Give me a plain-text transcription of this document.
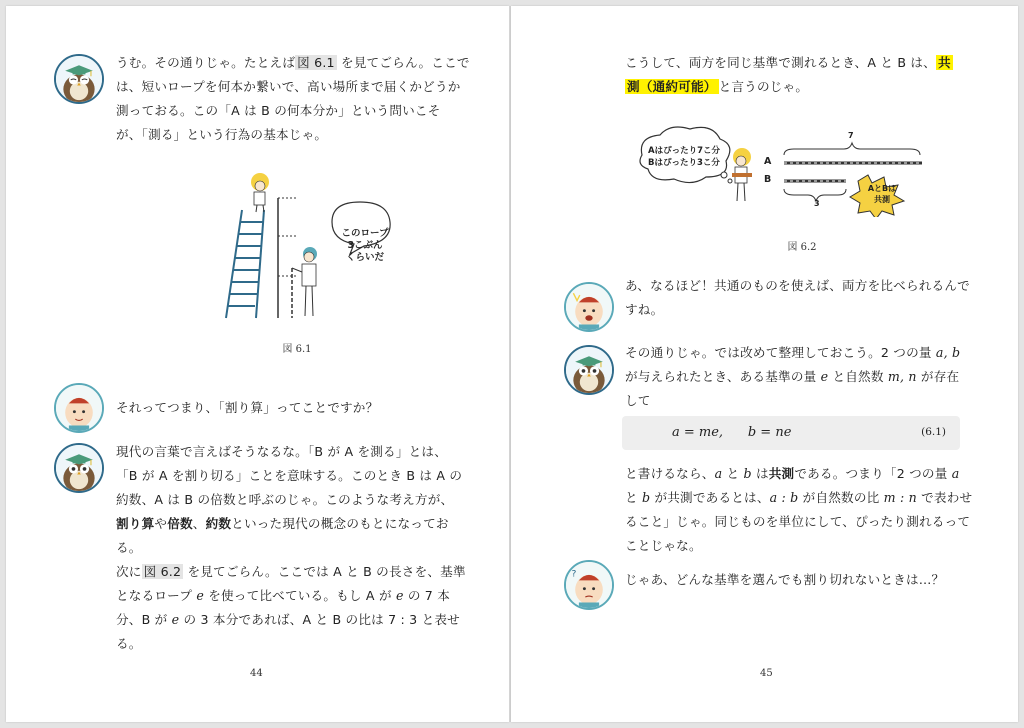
うむ。その通りじゃ。たとえば 図 6.1 を見てごらん。ここで
は、短いロープを何本か繋いで、高い場所まで届くかどうか
測っておる。この「A は B の何本分か」という問いこそ
が、「測る」という行為の基本じゃ。
このロープ
3こぶん
くらいだ
図 6.1
それってつまり、「割り算」ってことですか？
現代の言葉で言えばそうなるな。「B が A を測る」とは、
「B が A を割り切る」ことを意味する。このとき B は A の
約数、A は B の倍数と呼ぶのじゃ。このような考え方が、
割り算や倍数、約数といった現代の概念のもとになってお
る。
次に 図 6.2 を見てごらん。ここでは A と B の長さを、基準
となるロープ e を使って比べている。もし A が e の 7 本
分、B が e の 3 本分であれば、A と B の比は 7 : 3 と表せ
る。
44
こうして、両方を同じ基準で測れるとき、A と B は、 共
測（通約可能） と言うのじゃ。
Aはぴったり7こ分
Bはぴったり3こ分	A
B
7
3
AとBは
共測
図 6.2
あ、なるほど！共通のものを使えば、両方を比べられるんで
すね。
その通りじゃ。では改めて整理しておこう。2 つの量 a, b
が与えられたとき、ある基準の量 e と自然数 m, n が存在
して
a = me,      b = ne	(6.1)
と書けるなら、a と b は共測である。つまり「2 つの量 a
と b が共測であるとは、a : b が自然数の比 m : n で表わせ
ること」じゃ。同じものを単位にして、ぴったり測れるって
ことじゃな。
?	じゃあ、どんな基準を選んでも割り切れないときは…？
45
